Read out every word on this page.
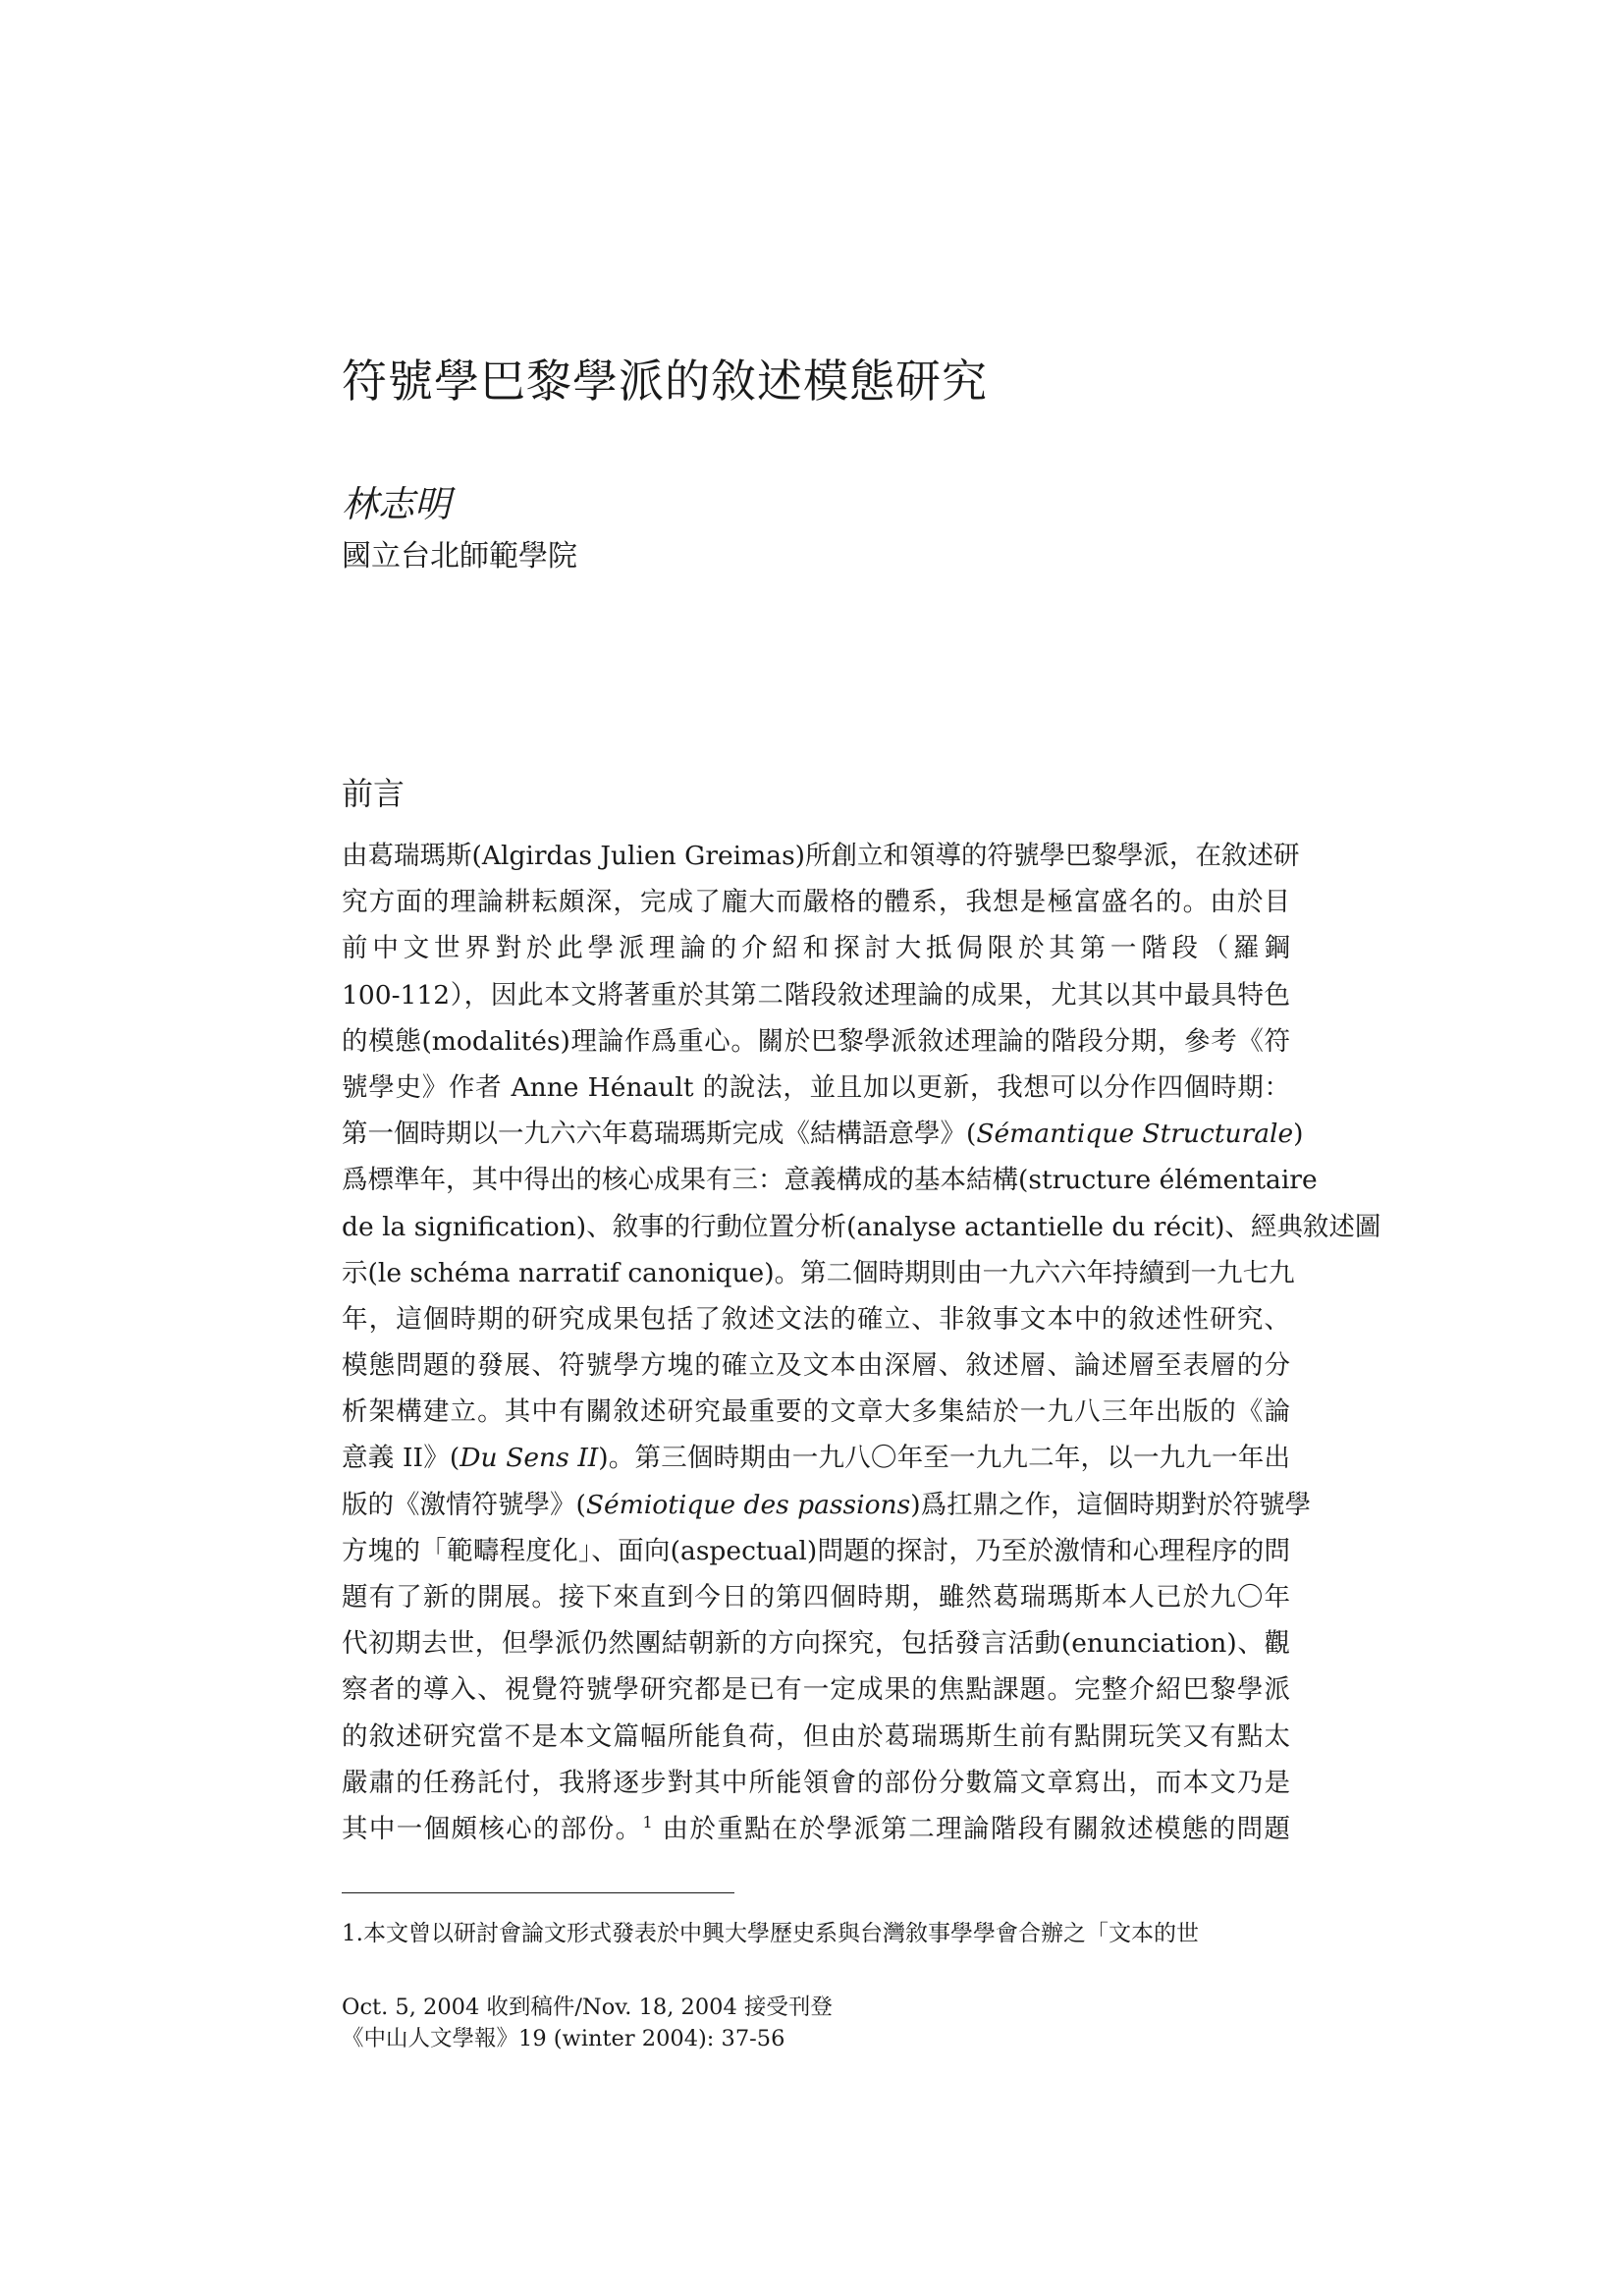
符號學巴黎學派的敘述模態研究

林志明

國立台北師範學院

前言
由葛瑞瑪斯(Algirdas Julien Greimas)所創立和領導的符號學巴黎學派，在敘述研
究方面的理論耕耘頗深，完成了龐大而嚴格的體系，我想是極富盛名的。由於目
前中文世界對於此學派理論的介紹和探討大抵侷限於其第一階段（羅鋼
100-112），因此本文將著重於其第二階段敘述理論的成果，尤其以其中最具特色
的模態(modalités)理論作爲重心。關於巴黎學派敘述理論的階段分期，參考《符
號學史》作者 Anne Hénault 的說法，並且加以更新，我想可以分作四個時期：
第一個時期以一九六六年葛瑞瑪斯完成《結構語意學》(Sémantique Structurale)
爲標準年，其中得出的核心成果有三：意義構成的基本結構(structure élémentaire
de la signification)、敘事的行動位置分析(analyse actantielle du récit)、經典敘述圖
示(le schéma narratif canonique)。第二個時期則由一九六六年持續到一九七九
年，這個時期的研究成果包括了敘述文法的確立、非敘事文本中的敘述性研究、
模態問題的發展、符號學方塊的確立及文本由深層、敘述層、論述層至表層的分
析架構建立。其中有關敘述研究最重要的文章大多集結於一九八三年出版的《論
意義 II》(Du Sens II)。第三個時期由一九八〇年至一九九二年，以一九九一年出
版的《激情符號學》(Sémiotique des passions)爲扛鼎之作，這個時期對於符號學
方塊的「範疇程度化」、面向(aspectual)問題的探討，乃至於激情和心理程序的問
題有了新的開展。接下來直到今日的第四個時期，雖然葛瑞瑪斯本人已於九〇年
代初期去世，但學派仍然團結朝新的方向探究，包括發言活動(enunciation)、觀
察者的導入、視覺符號學研究都是已有一定成果的焦點課題。完整介紹巴黎學派
的敘述研究當不是本文篇幅所能負荷，但由於葛瑞瑪斯生前有點開玩笑又有點太
嚴肅的任務託付，我將逐步對其中所能領會的部份分數篇文章寫出，而本文乃是
其中一個頗核心的部份。$^1$ 由於重點在於學派第二理論階段有關敘述模態的問題

1.本文曾以研討會論文形式發表於中興大學歷史系與台灣敘事學學會合辦之「文本的世

Oct. 5, 2004 收到稿件/Nov. 18, 2004 接受刊登
《中山人文學報》19 (winter 2004): 37-56
